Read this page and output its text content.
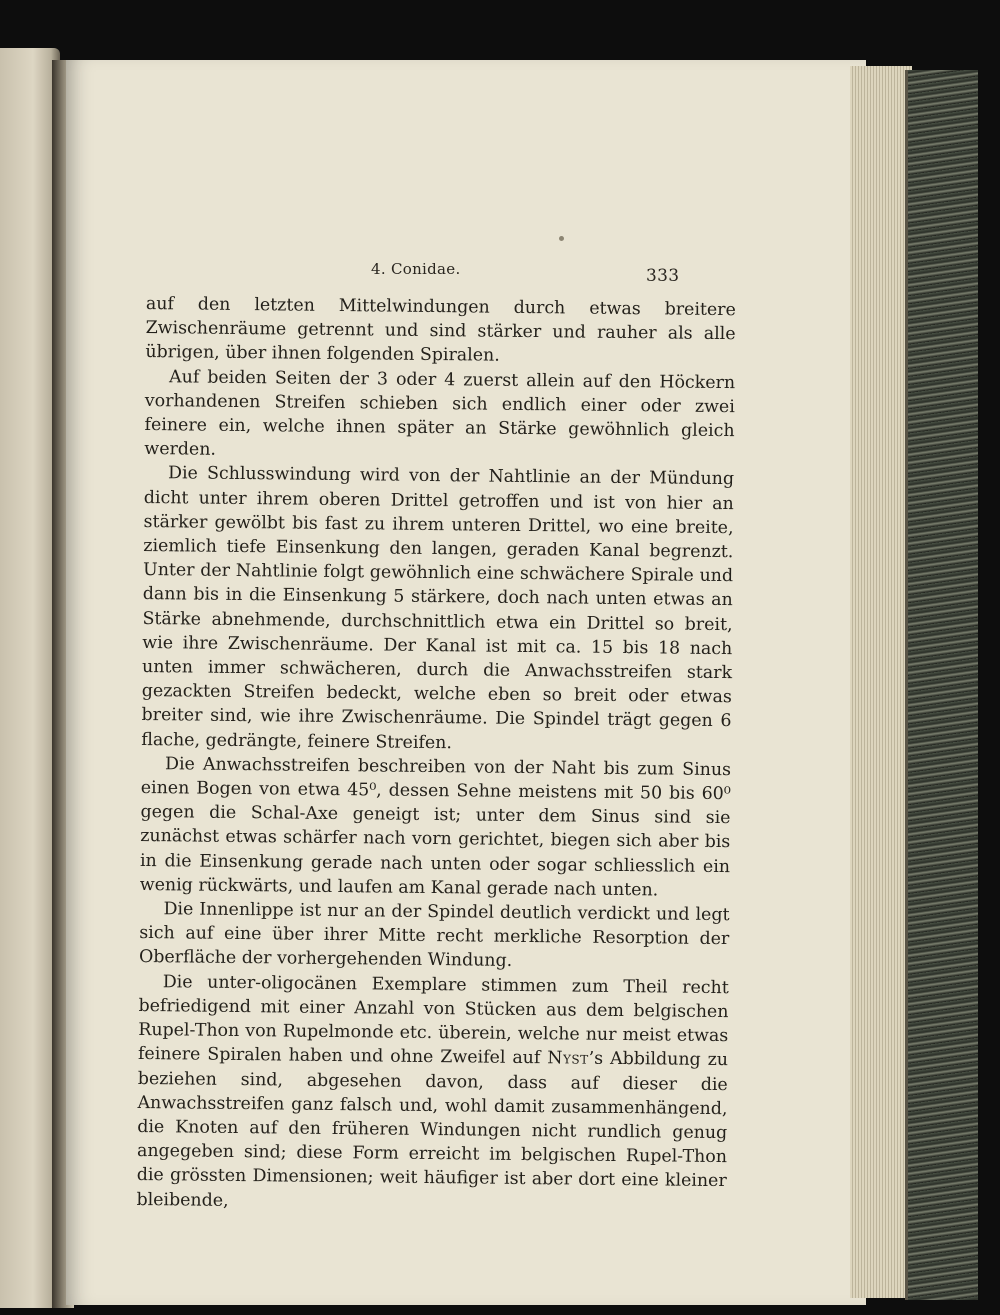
4. Conidae.	333

auf den letzten Mittelwindungen durch etwas breitere Zwischenräume getrennt und sind stärker und rauher als alle übrigen, über ihnen folgenden Spiralen.

Auf beiden Seiten der 3 oder 4 zuerst allein auf den Höckern vorhandenen Streifen schieben sich endlich einer oder zwei feinere ein, welche ihnen später an Stärke gewöhnlich gleich werden.

Die Schlusswindung wird von der Nahtlinie an der Mündung dicht unter ihrem oberen Drittel getroffen und ist von hier an stärker gewölbt bis fast zu ihrem unteren Drittel, wo eine breite, ziemlich tiefe Einsenkung den langen, geraden Kanal begrenzt. Unter der Nahtlinie folgt gewöhnlich eine schwächere Spirale und dann bis in die Einsenkung 5 stärkere, doch nach unten etwas an Stärke abnehmende, durchschnittlich etwa ein Drittel so breit, wie ihre Zwischenräume. Der Kanal ist mit ca. 15 bis 18 nach unten immer schwächeren, durch die Anwachsstreifen stark gezackten Streifen bedeckt, welche eben so breit oder etwas breiter sind, wie ihre Zwischenräume. Die Spindel trägt gegen 6 flache, gedrängte, feinere Streifen.

Die Anwachsstreifen beschreiben von der Naht bis zum Sinus einen Bogen von etwa 45⁰, dessen Sehne meistens mit 50 bis 60⁰ gegen die Schal-Axe geneigt ist; unter dem Sinus sind sie zunächst etwas schärfer nach vorn gerichtet, biegen sich aber bis in die Einsenkung gerade nach unten oder sogar schliesslich ein wenig rückwärts, und laufen am Kanal gerade nach unten.

Die Innenlippe ist nur an der Spindel deutlich verdickt und legt sich auf eine über ihrer Mitte recht merkliche Resorption der Oberfläche der vorhergehenden Windung.

Die unter-oligocänen Exemplare stimmen zum Theil recht befriedigend mit einer Anzahl von Stücken aus dem belgischen Rupel-Thon von Rupelmonde etc. überein, welche nur meist etwas feinere Spiralen haben und ohne Zweifel auf Nyst’s Abbildung zu beziehen sind, abgesehen davon, dass auf dieser die Anwachsstreifen ganz falsch und, wohl damit zusammenhängend, die Knoten auf den früheren Windungen nicht rundlich genug angegeben sind; diese Form erreicht im belgischen Rupel-Thon die grössten Dimensionen; weit häufiger ist aber dort eine kleiner bleibende,
